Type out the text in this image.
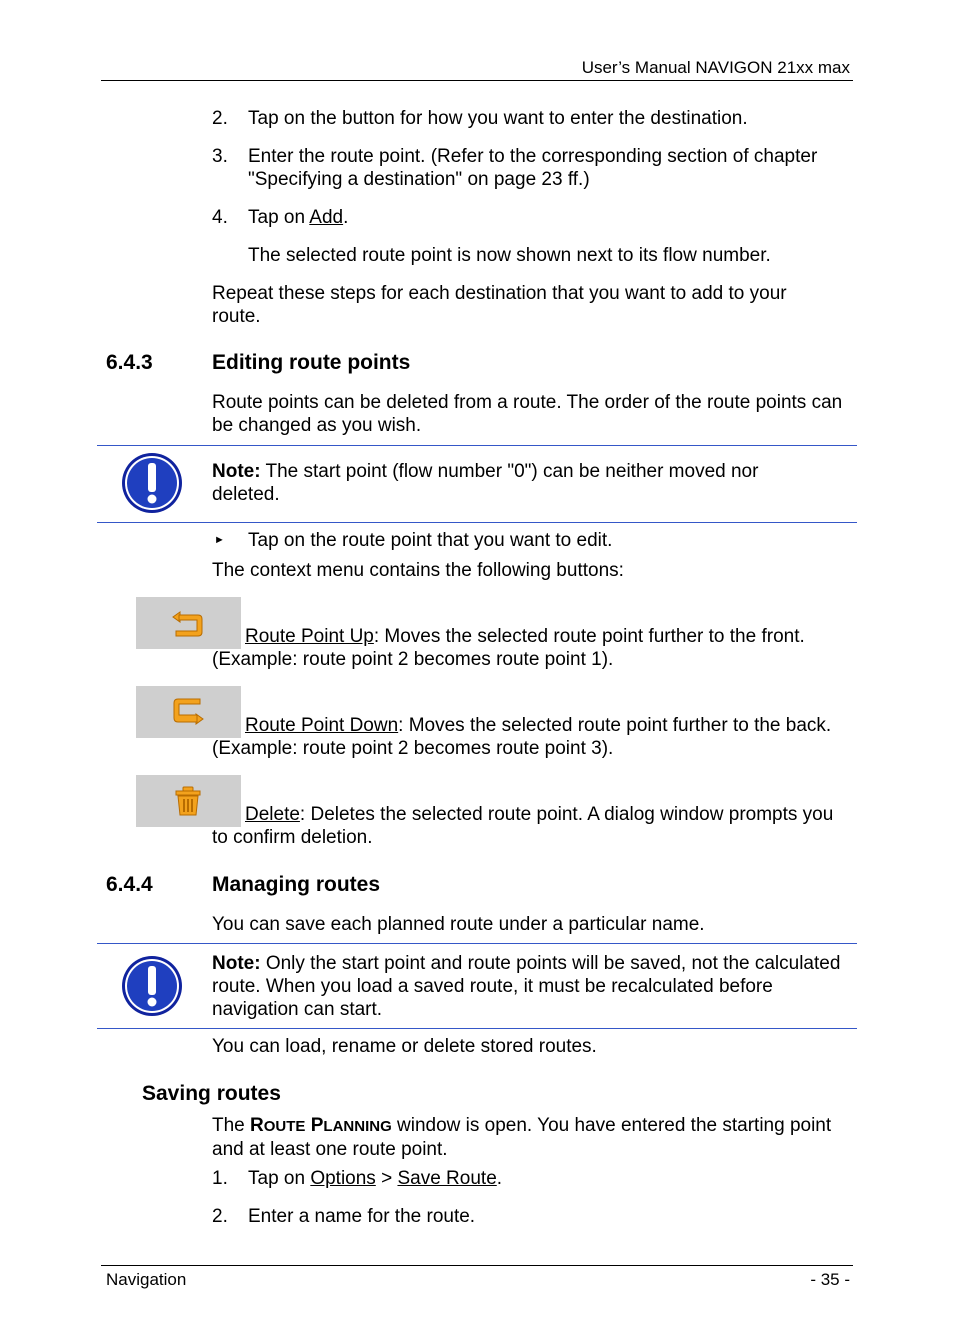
User’s Manual NAVIGON 21xx max
2. Tap on the button for how you want to enter the destination.
3. Enter the route point. (Refer to the corresponding section of chapter "Specifying a destination" on page 23 ff.)
4. Tap on Add.
The selected route point is now shown next to its flow number.
Repeat these steps for each destination that you want to add to your route.
6.4.3	Editing route points
Route points can be deleted from a route. The order of the route points can be changed as you wish.
Note: The start point (flow number "0") can be neither moved nor deleted.
► Tap on the route point that you want to edit.
The context menu contains the following buttons:
Route Point Up: Moves the selected route point further to the front. (Example: route point 2 becomes route point 1).
Route Point Down: Moves the selected route point further to the back. (Example: route point 2 becomes route point 3).
Delete: Deletes the selected route point. A dialog window prompts you to confirm deletion.
6.4.4	Managing routes
You can save each planned route under a particular name.
Note: Only the start point and route points will be saved, not the calculated route. When you load a saved route, it must be recalculated before navigation can start.
You can load, rename or delete stored routes.
Saving routes
The ROUTE PLANNING window is open. You have entered the starting point and at least one route point.
1. Tap on Options > Save Route.
2. Enter a name for the route.
Navigation	- 35 -
